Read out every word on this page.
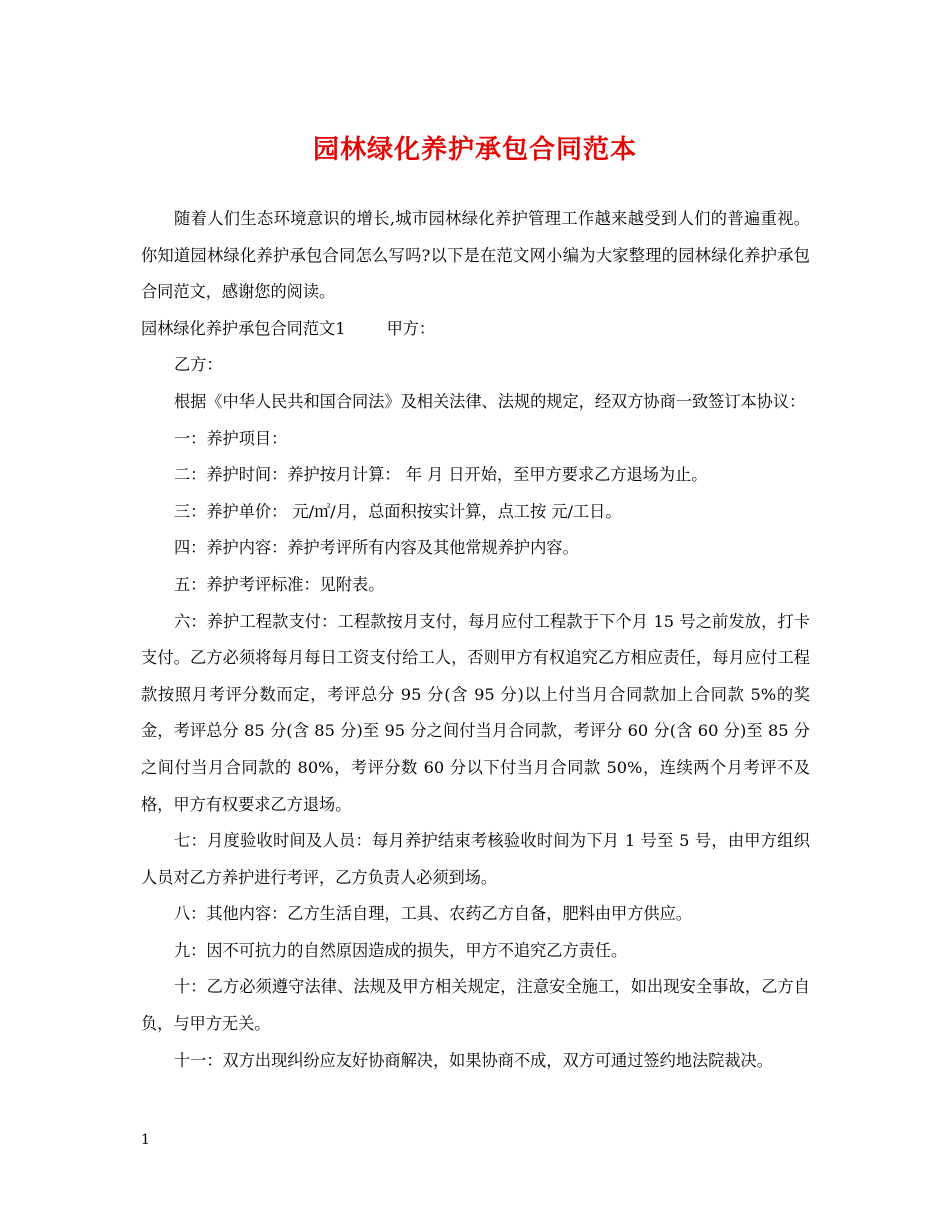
园林绿化养护承包合同范本

随着人们生态环境意识的增长,城市园林绿化养护管理工作越来越受到人们的普遍重视。你知道园林绿化养护承包合同怎么写吗?以下是在范文网小编为大家整理的园林绿化养护承包合同范文，感谢您的阅读。

园林绿化养护承包合同范文1	甲方：

乙方：

根据《中华人民共和国合同法》及相关法律、法规的规定，经双方协商一致签订本协议：

一：养护项目：

二：养护时间：养护按月计算： 年 月 日开始，至甲方要求乙方退场为止。

三：养护单价： 元/㎡/月，总面积按实计算，点工按 元/工日。

四：养护内容：养护考评所有内容及其他常规养护内容。

五：养护考评标准：见附表。

六：养护工程款支付：工程款按月支付，每月应付工程款于下个月 15 号之前发放，打卡支付。乙方必须将每月每日工资支付给工人，否则甲方有权追究乙方相应责任，每月应付工程款按照月考评分数而定，考评总分 95 分(含 95 分)以上付当月合同款加上合同款 5%的奖金，考评总分 85 分(含 85 分)至 95 分之间付当月合同款，考评分 60 分(含 60 分)至 85 分之间付当月合同款的 80%，考评分数 60 分以下付当月合同款 50%，连续两个月考评不及格，甲方有权要求乙方退场。

七：月度验收时间及人员：每月养护结束考核验收时间为下月 1 号至 5 号，由甲方组织人员对乙方养护进行考评，乙方负责人必须到场。

八：其他内容：乙方生活自理，工具、农药乙方自备，肥料由甲方供应。

九：因不可抗力的自然原因造成的损失，甲方不追究乙方责任。

十：乙方必须遵守法律、法规及甲方相关规定，注意安全施工，如出现安全事故，乙方自负，与甲方无关。

十一：双方出现纠纷应友好协商解决，如果协商不成，双方可通过签约地法院裁决。

1
